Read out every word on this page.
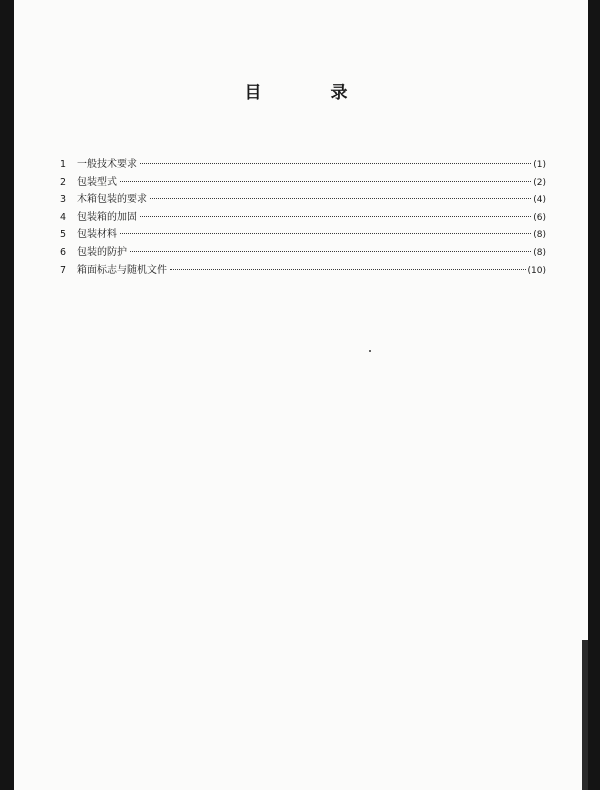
目　录
1	一般技术要求	(1)
2	包装型式	(2)
3	木箱包装的要求	(4)
4	包装箱的加固	(6)
5	包装材料	(8)
6	包装的防护	(8)
7	箱面标志与随机文件	(10)
